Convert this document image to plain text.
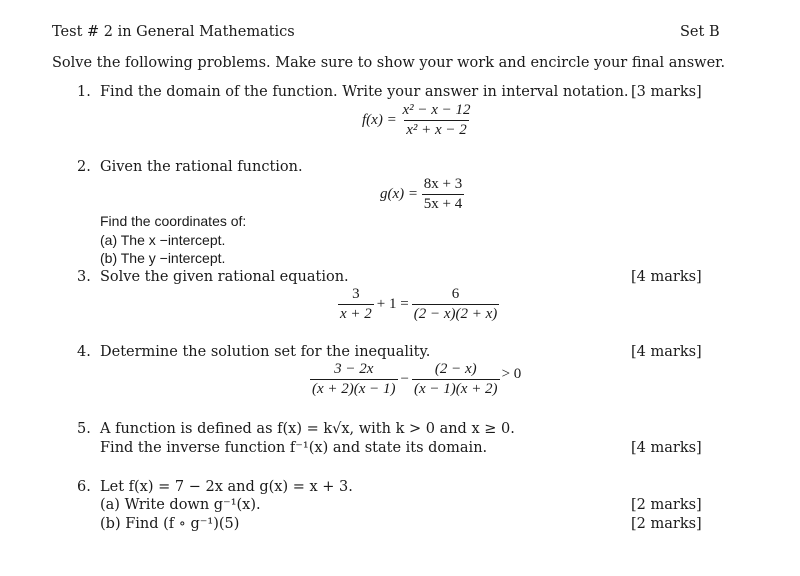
Test # 2 in General Mathematics	Set B
Solve the following problems. Make sure to show your work and encircle your final answer.
1. Find the domain of the function. Write your answer in interval notation. [3 marks]
f(x) =
$\frac{\text{x² − x − 12}}{\text{x² + x − 2}}$
2. Given the rational function.
g(x) =
$\frac{8x + 3}{5x + 4}$
Find the coordinates of:
(a) The x −intercept.
(b) The y −intercept.
3. Solve the given rational equation.	[4 marks]
$\frac{3}{x + 2} + 1 = \frac{6}{(2 - x)(2 + x)}$
4. Determine the solution set for the inequality.	[4 marks]
$\frac{3 - 2x}{(x + 2)(x - 1)} - \frac{(2 - x)}{(x - 1)(x + 2)} > 0$
5. A function is defined as f(x) = k√x, with k > 0 and x ≥ 0.
Find the inverse function f⁻¹(x) and state its domain.	[4 marks]
6. Let f(x) = 7 − 2x and g(x) = x + 3.
(a) Write down g⁻¹(x).
(b) Find (f ∘ g⁻¹)(5)
[2 marks]
[2 marks]
